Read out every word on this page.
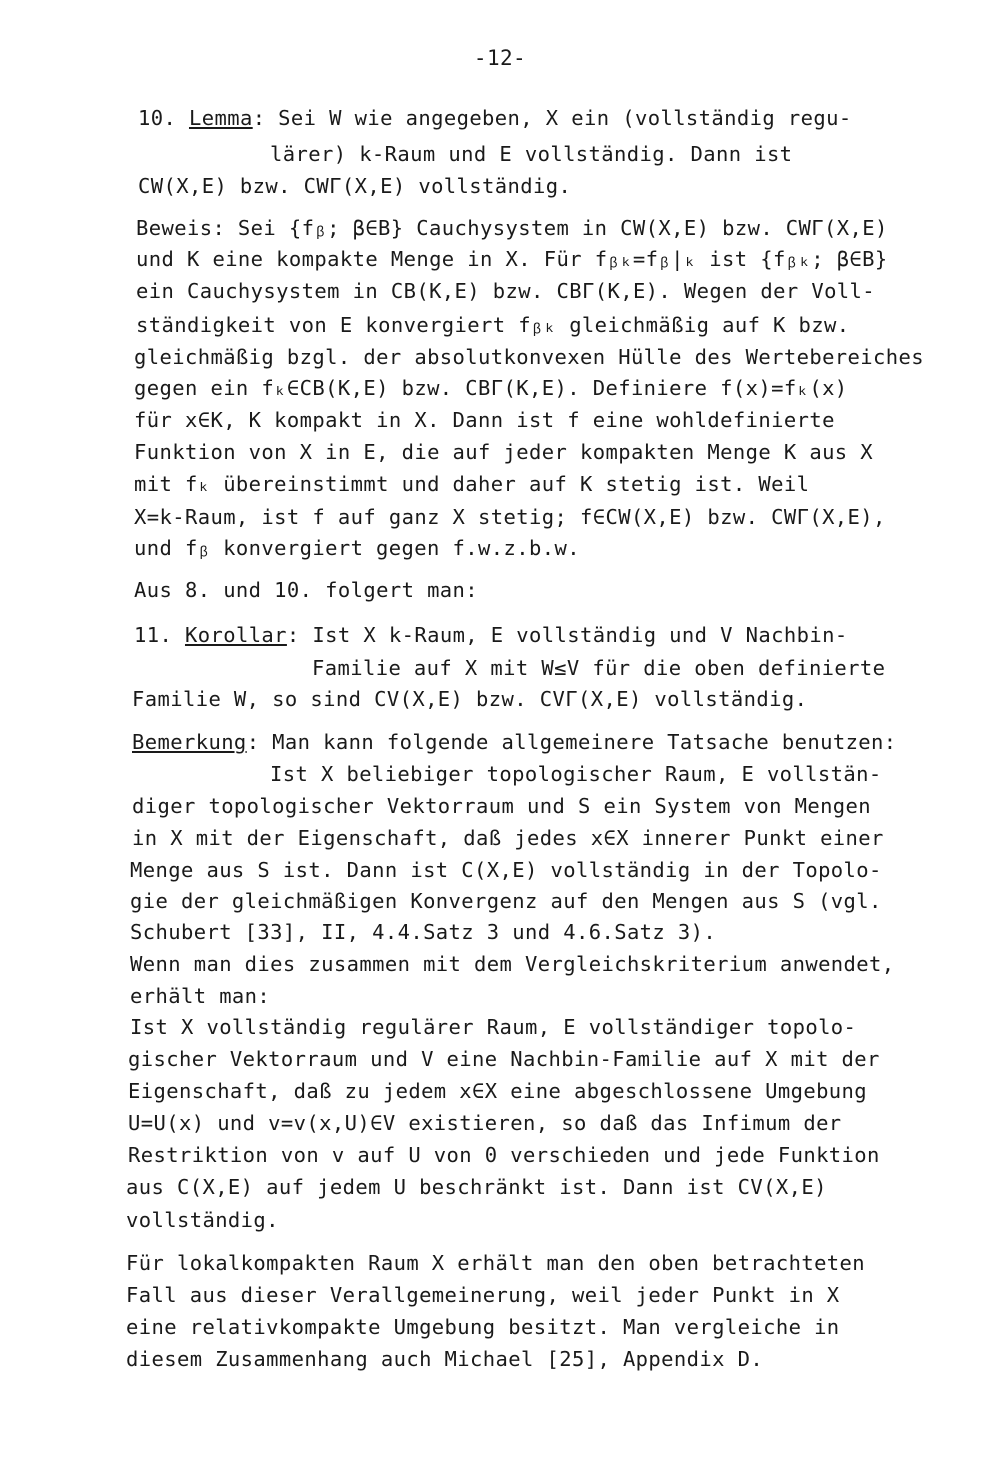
-12-
10. Lemma: Sei W wie angegeben, X ein (vollständig regu-
lärer) k-Raum und E vollständig. Dann ist
CW(X,E) bzw. CWΓ(X,E) vollständig.
Beweis: Sei {fᵦ; β∈B} Cauchysystem in CW(X,E) bzw. CWΓ(X,E)
und K eine kompakte Menge in X. Für fᵦₖ=fᵦ|ₖ ist {fᵦₖ; β∈B}
ein Cauchysystem in CB(K,E) bzw. CBΓ(K,E). Wegen der Voll-
ständigkeit von E konvergiert fᵦₖ gleichmäßig auf K bzw.
gleichmäßig bzgl. der absolutkonvexen Hülle des Wertebereiches
gegen ein fₖ∈CB(K,E) bzw. CBΓ(K,E). Definiere f(x)=fₖ(x)
für x∈K, K kompakt in X. Dann ist f eine wohldefinierte
Funktion von X in E, die auf jeder kompakten Menge K aus X
mit fₖ übereinstimmt und daher auf K stetig ist. Weil
X=k-Raum, ist f auf ganz X stetig; f∈CW(X,E) bzw. CWΓ(X,E),
und fᵦ konvergiert gegen f.w.z.b.w.
Aus 8. und 10. folgert man:
11. Korollar: Ist X k-Raum, E vollständig und V Nachbin-
Familie auf X mit W≤V für die oben definierte
Familie W, so sind CV(X,E) bzw. CVΓ(X,E) vollständig.
Bemerkung: Man kann folgende allgemeinere Tatsache benutzen:
Ist X beliebiger topologischer Raum, E vollstän-
diger topologischer Vektorraum und S ein System von Mengen
in X mit der Eigenschaft, daß jedes x∈X innerer Punkt einer
Menge aus S ist. Dann ist C(X,E) vollständig in der Topolo-
gie der gleichmäßigen Konvergenz auf den Mengen aus S (vgl.
Schubert [33], II, 4.4.Satz 3 und 4.6.Satz 3).
Wenn man dies zusammen mit dem Vergleichskriterium anwendet,
erhält man:
Ist X vollständig regulärer Raum, E vollständiger topolo-
gischer Vektorraum und V eine Nachbin-Familie auf X mit der
Eigenschaft, daß zu jedem x∈X eine abgeschlossene Umgebung
U=U(x) und v=v(x,U)∈V existieren, so daß das Infimum der
Restriktion von v auf U von 0 verschieden und jede Funktion
aus C(X,E) auf jedem U beschränkt ist. Dann ist CV(X,E)
vollständig.
Für lokalkompakten Raum X erhält man den oben betrachteten
Fall aus dieser Verallgemeinerung, weil jeder Punkt in X
eine relativkompakte Umgebung besitzt. Man vergleiche in
diesem Zusammenhang auch Michael [25], Appendix D.
